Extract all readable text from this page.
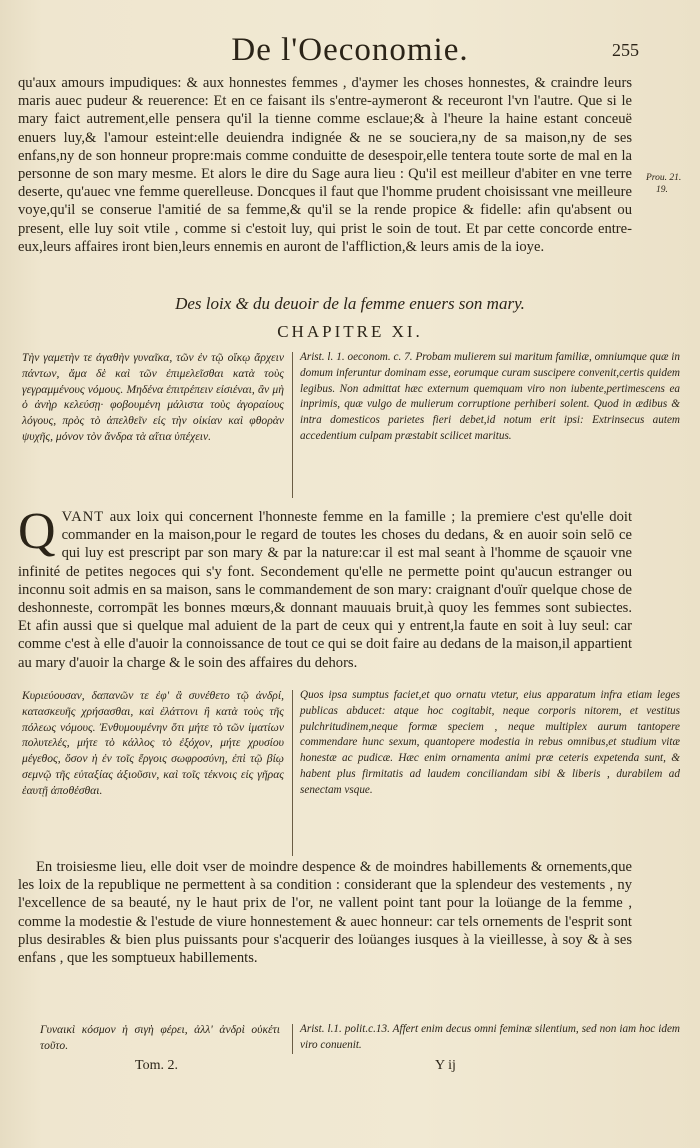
De l'Oeconomie.	255

qu'aux amours impudiques: & aux honnestes femmes , d'aymer les choses honnestes, & craindre leurs maris auec pudeur & reuerence: Et en ce faisant ils s'entre-aymeront & receuront l'vn l'autre. Que si le mary faict autrement,elle pensera qu'il la tienne comme esclaue;& à l'heure la haine estant conceuë enuers luy,& l'amour esteint:elle deuiendra indignée & ne se souciera,ny de sa maison,ny de ses enfans,ny de son honneur propre:mais comme conduitte de desespoir,elle tentera toute sorte de mal en la personne de son mary mesme. Et alors le dire du Sage aura lieu : Qu'il est meilleur d'abiter en vne terre deserte, qu'auec vne femme querelleuse. Doncques il faut que l'homme prudent choisissant vne meilleure voye,qu'il se conserue l'amitié de sa femme,& qu'il se la rende propice & fidelle: afin qu'absent ou present, elle luy soit vtile , comme si c'estoit luy, qui prist le soin de tout. Et par cette concorde entre-eux,leurs affaires iront bien,leurs ennemis en auront de l'affliction,& leurs amis de la ioye.

Prou. 21.
19.
Des loix & du deuoir de la femme enuers son mary.
CHAPITRE XI.
Τὴν γαμετὴν τε ἀγαθὴν γυναῖκα, τῶν ἐν τῷ οἴκῳ ἄρχειν πάντων, ἅμα δὲ καὶ τῶν ἐπιμελεῖσθαι κατὰ τοὺς γεγραμμένους νόμους. Μηδένα ἐπιτρέπειν εἰσιέναι, ἂν μὴ ὁ ἀνὴρ κελεύσῃ· φοβουμένη μάλιστα τοὺς ἀγοραίους λόγους, πρὸς τὸ ἀπελθεῖν εἰς τὴν οἰκίαν καὶ φθορὰν ψυχῆς, μόνον τὸν ἄνδρα τὰ αἴτια ὑπέχειν.
Arist. l. 1. oeconom. c. 7. Probam mulierem sui maritum familiæ, omniumque quæ in domum inferuntur dominam esse, eorumque curam suscipere convenit,certis quidem legibus. Non admittat hæc externum quemquam viro non iubente,pertimescens ea inprimis, quæ vulgo de mulierum corruptione perhiberi solent. Quod in ædibus & intra domesticos parietes fieri debet,id notum erit ipsi: Extrinsecus autem accedentium culpam præstabit scilicet maritus.
QVANT aux loix qui concernent l'honneste femme en la famille ; la premiere c'est qu'elle doit commander en la maison,pour le regard de toutes les choses du dedans, & en auoir soin selō ce qui luy est prescript par son mary & par la nature:car il est mal seant à l'homme de sçauoir vne infinité de petites negoces qui s'y font. Secondement qu'elle ne permette point qu'aucun estranger ou inconnu soit admis en sa maison, sans le commandement de son mary: craignant d'ouïr quelque chose de deshonneste, corrompāt les bonnes mœurs,& donnant mauuais bruit,à quoy les femmes sont subiectes. Et afin aussi que si quelque mal aduient de la part de ceux qui y entrent,la faute en soit à luy seul: car comme c'est à elle d'auoir la connoissance de tout ce qui se doit faire au dedans de la maison,il appartient au mary d'auoir la charge & le soin des affaires du dehors.
Κυριεύουσαν, δαπανῶν τε ἐφ' ἃ συνέθετο τῷ ἀνδρί, κατασκευῆς χρήσασθαι, καὶ ἐλάττονι ἢ κατὰ τοὺς τῆς πόλεως νόμους. Ἐνθυμουμένην ὅτι μήτε τὸ τῶν ἱματίων πολυτελές, μήτε τὸ κάλλος τὸ ἐξόχον, μήτε χρυσίου μέγεθος, ὅσον ἡ ἐν τοῖς ἔργοις σωφροσύνη, ἐπὶ τῷ βίῳ σεμνῷ τῆς εὐταξίας ἀξιοῦσιν, καὶ τοῖς τέκνοις εἰς γῆρας ἑαυτῇ ἀποθέσθαι.
Quos ipsa sumptus faciet,et quo ornatu vtetur, eius apparatum infra etiam leges publicas abducet: atque hoc cogitabit, neque corporis nitorem, et vestitus pulchritudinem,neque formæ speciem , neque multiplex aurum tantopere commendare hunc sexum, quantopere modestia in rebus omnibus,et studium vitæ honestæ ac pudicæ. Hæc enim ornamenta animi præ ceteris expetenda sunt, & habent plus firmitatis ad laudem conciliandam sibi & liberis , durabilem ad senectam vsque.

En troisiesme lieu, elle doit vser de moindre despence & de moindres habillements & ornements,que les loix de la republique ne permettent à sa condition : considerant que la splendeur des vestements , ny l'excellence de sa beauté, ny le haut prix de l'or, ne vallent point tant pour la loüange de la femme , comme la modestie & l'estude de viure honnestement & auec honneur: car tels ornements de l'esprit sont plus desirables & bien plus puissants pour s'acquerir des loüanges iusques à la vieillesse, à soy & à ses enfans , que les somptueux habillements.

Γυναικὶ κόσμον ἡ σιγὴ φέρει, ἀλλ' ἀνδρὶ οὐκέτι τοῦτο.
Arist. l.1. polit.c.13. Affert enim decus omni feminæ silentium, sed non iam hoc idem viro conuenit.
Tom. 2.	Y ij
